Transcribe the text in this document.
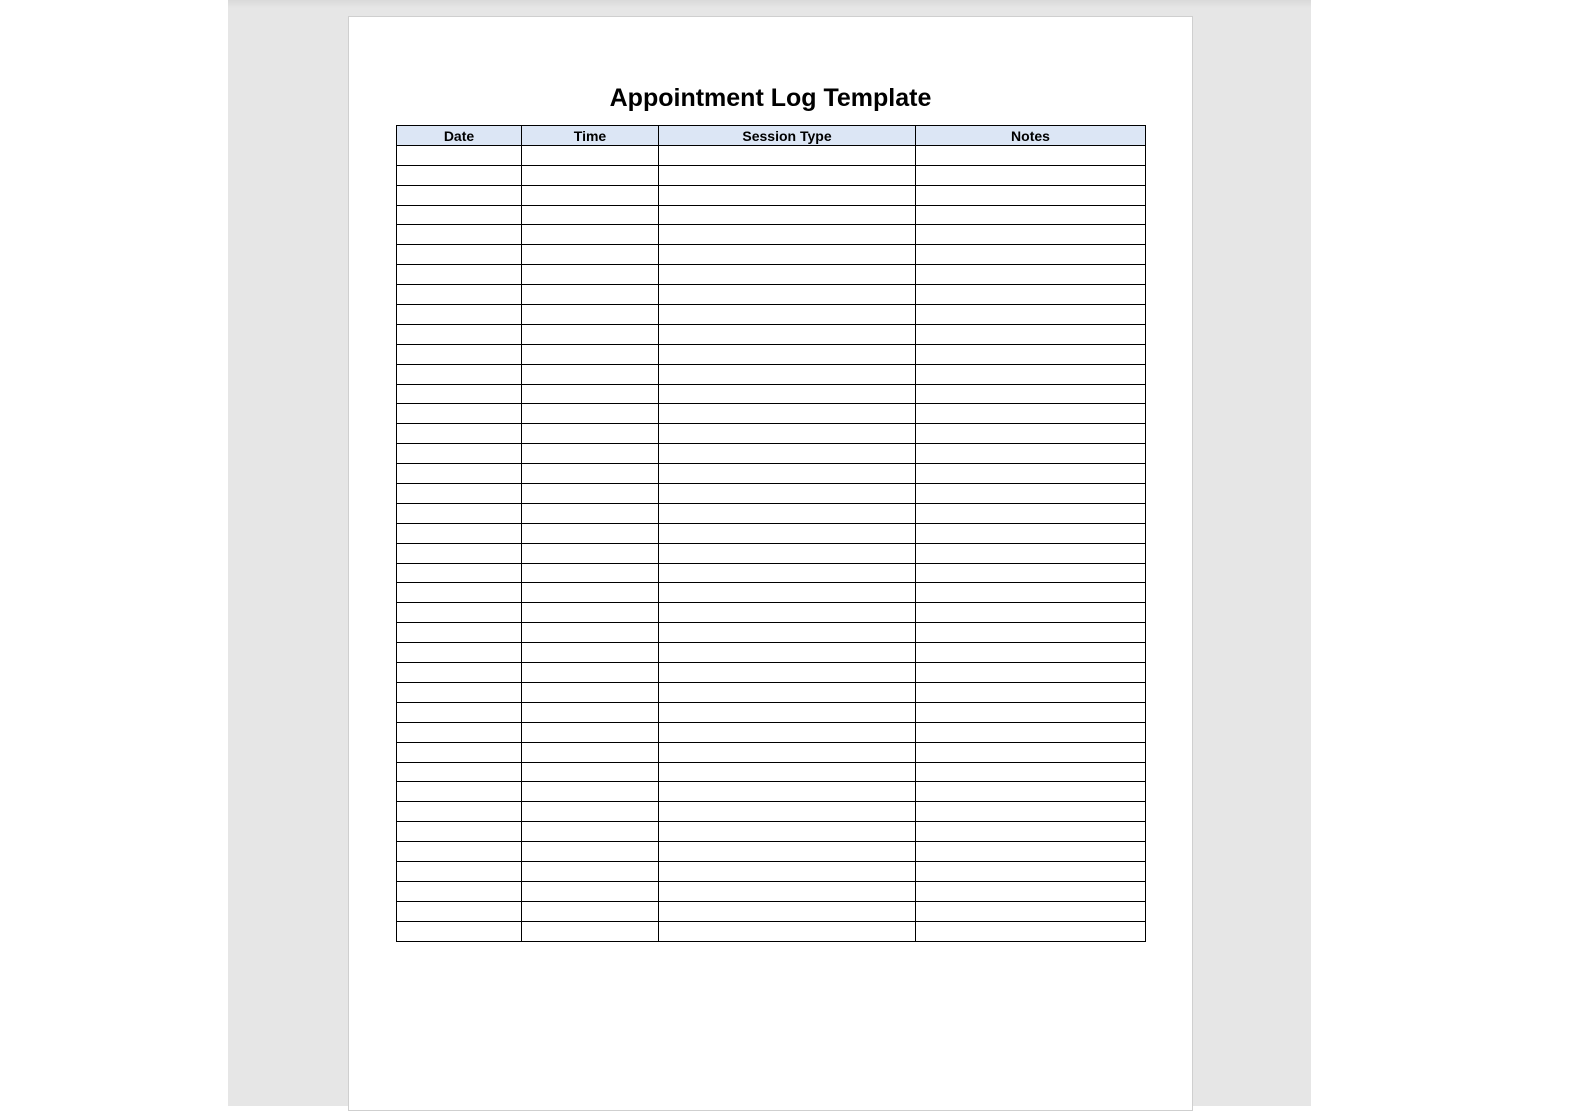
Appointment Log Template
Date	Time	Session Type	Notes
